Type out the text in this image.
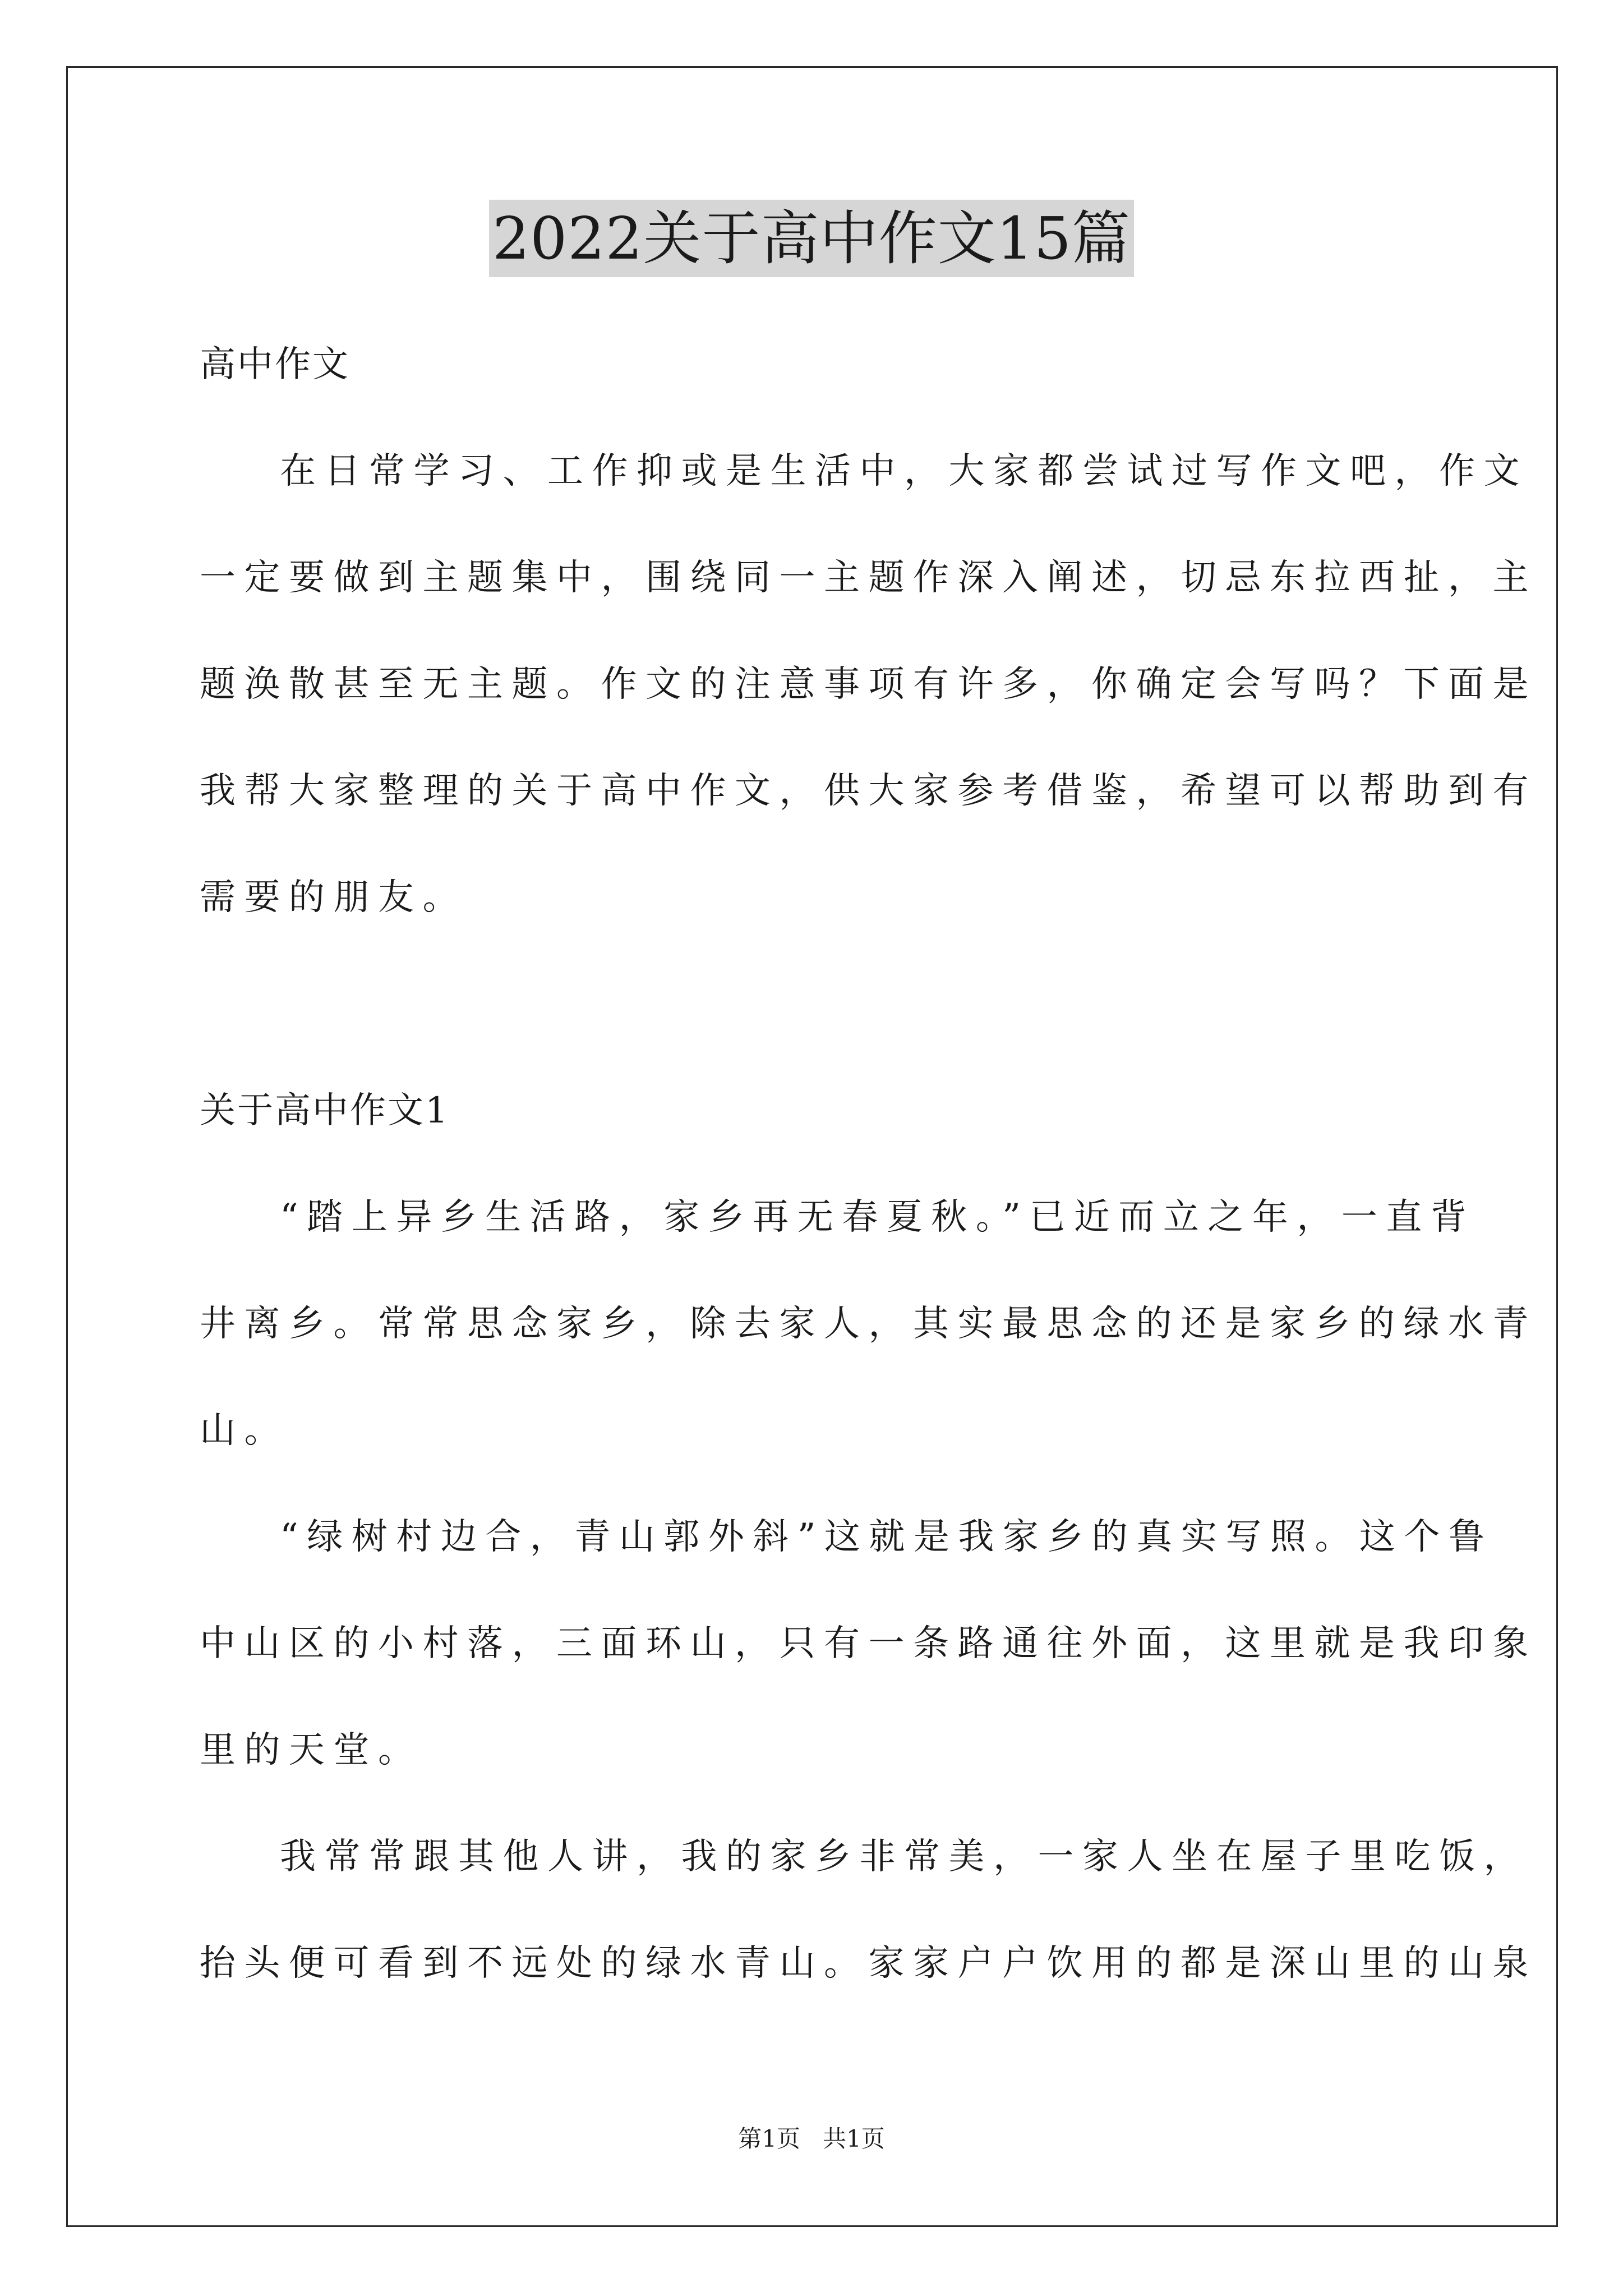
2022关于高中作文15篇

高中作文

在日常学习、工作抑或是生活中，大家都尝试过写作文吧，作文

一定要做到主题集中，围绕同一主题作深入阐述，切忌东拉西扯，主

题涣散甚至无主题。作文的注意事项有许多，你确定会写吗？下面是

我帮大家整理的关于高中作文，供大家参考借鉴，希望可以帮助到有

需要的朋友。

关于高中作文1

“踏上异乡生活路，家乡再无春夏秋。”已近而立之年，一直背

井离乡。常常思念家乡，除去家人，其实最思念的还是家乡的绿水青

山。

“绿树村边合，青山郭外斜”这就是我家乡的真实写照。这个鲁

中山区的小村落，三面环山，只有一条路通往外面，这里就是我印象

里的天堂。

我常常跟其他人讲，我的家乡非常美，一家人坐在屋子里吃饭，

抬头便可看到不远处的绿水青山。家家户户饮用的都是深山里的山泉

第1页   共1页
